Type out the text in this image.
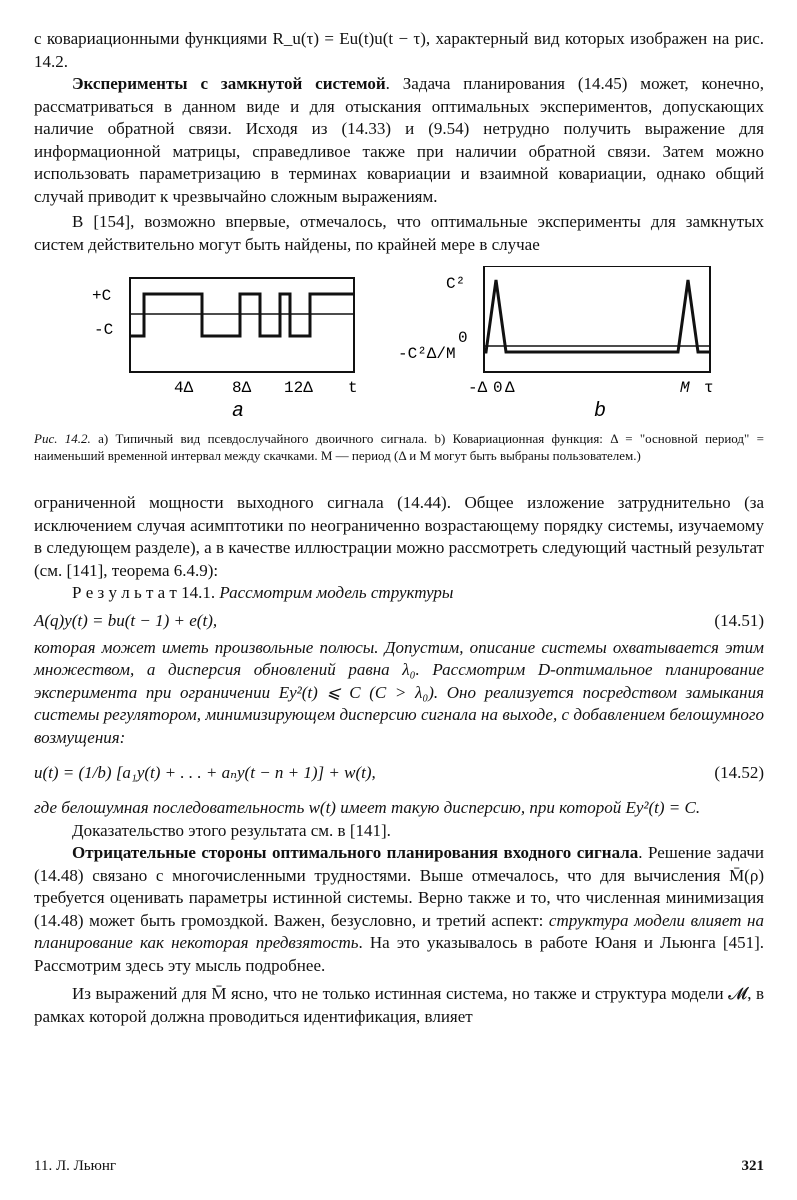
с ковариационными функциями R_u(τ) = Eu(t)u(t − τ), характерный вид которых изображен на рис. 14.2.

Эксперименты с замкнутой системой. Задача планирования (14.45) может, конечно, рассматриваться в данном виде и для отыскания оптимальных экспериментов, допускающих наличие обратной связи. Исходя из (14.33) и (9.54) нетрудно получить выражение для информационной матрицы, справедливое также при наличии обратной связи. Затем можно использовать параметризацию в терминах ковариации и взаимной ковариации, однако общий случай приводит к чрезвычайно сложным выражениям.

В [154], возможно впервые, отмечалось, что оптимальные эксперименты для замкнутых систем действительно могут быть найдены, по крайней мере в случае

+C
-C
4Δ 8Δ 12Δ t
a
C²
0
-C²Δ/M
-Δ 0 Δ	M τ
b

Рис. 14.2. a) Типичный вид псевдослучайного двоичного сигнала. b) Ковариационная функция: Δ = "основной период" = наименьший временной интервал между скачками. M — период (Δ и M могут быть выбраны пользователем.)

ограниченной мощности выходного сигнала (14.44). Общее изложение затруднительно (за исключением случая асимптотики по неограниченно возрастающему порядку системы, изучаемому в следующем разделе), а в качестве иллюстрации можно рассмотреть следующий частный результат (см. [141], теорема 6.4.9):

Р е з у л ь т а т 14.1. Рассмотрим модель структуры

A(q)y(t) = bu(t − 1) + e(t),	(14.51)

которая может иметь произвольные полюсы. Допустим, описание системы охватывается этим множеством, а дисперсия обновлений равна λ₀. Рассмотрим D-оптимальное планирование эксперимента при ограничении Ey²(t) ⩽ C (C > λ₀). Оно реализуется посредством замыкания системы регулятором, минимизирующем дисперсию сигнала на выходе, с добавлением белошумного возмущения:

u(t) = (1/b) [a₁y(t) + . . . + aₙy(t − n + 1)] + w(t),	(14.52)

где белошумная последовательность w(t) имеет такую дисперсию, при которой Ey²(t) = C.

Доказательство этого результата см. в [141].

Отрицательные стороны оптимального планирования входного сигнала. Решение задачи (14.48) связано с многочисленными трудностями. Выше отмечалось, что для вычисления M̄(ρ) требуется оценивать параметры истинной системы. Верно также и то, что численная минимизация (14.48) может быть громоздкой. Важен, безусловно, и третий аспект: структура модели влияет на планирование как некоторая предвзятость. На это указывалось в работе Юаня и Льюнга [451]. Рассмотрим здесь эту мысль подробнее.

Из выражений для M̄ ясно, что не только истинная система, но также и структура модели 𝓜, в рамках которой должна проводиться идентификация, влияет

11. Л. Льюнг	321
